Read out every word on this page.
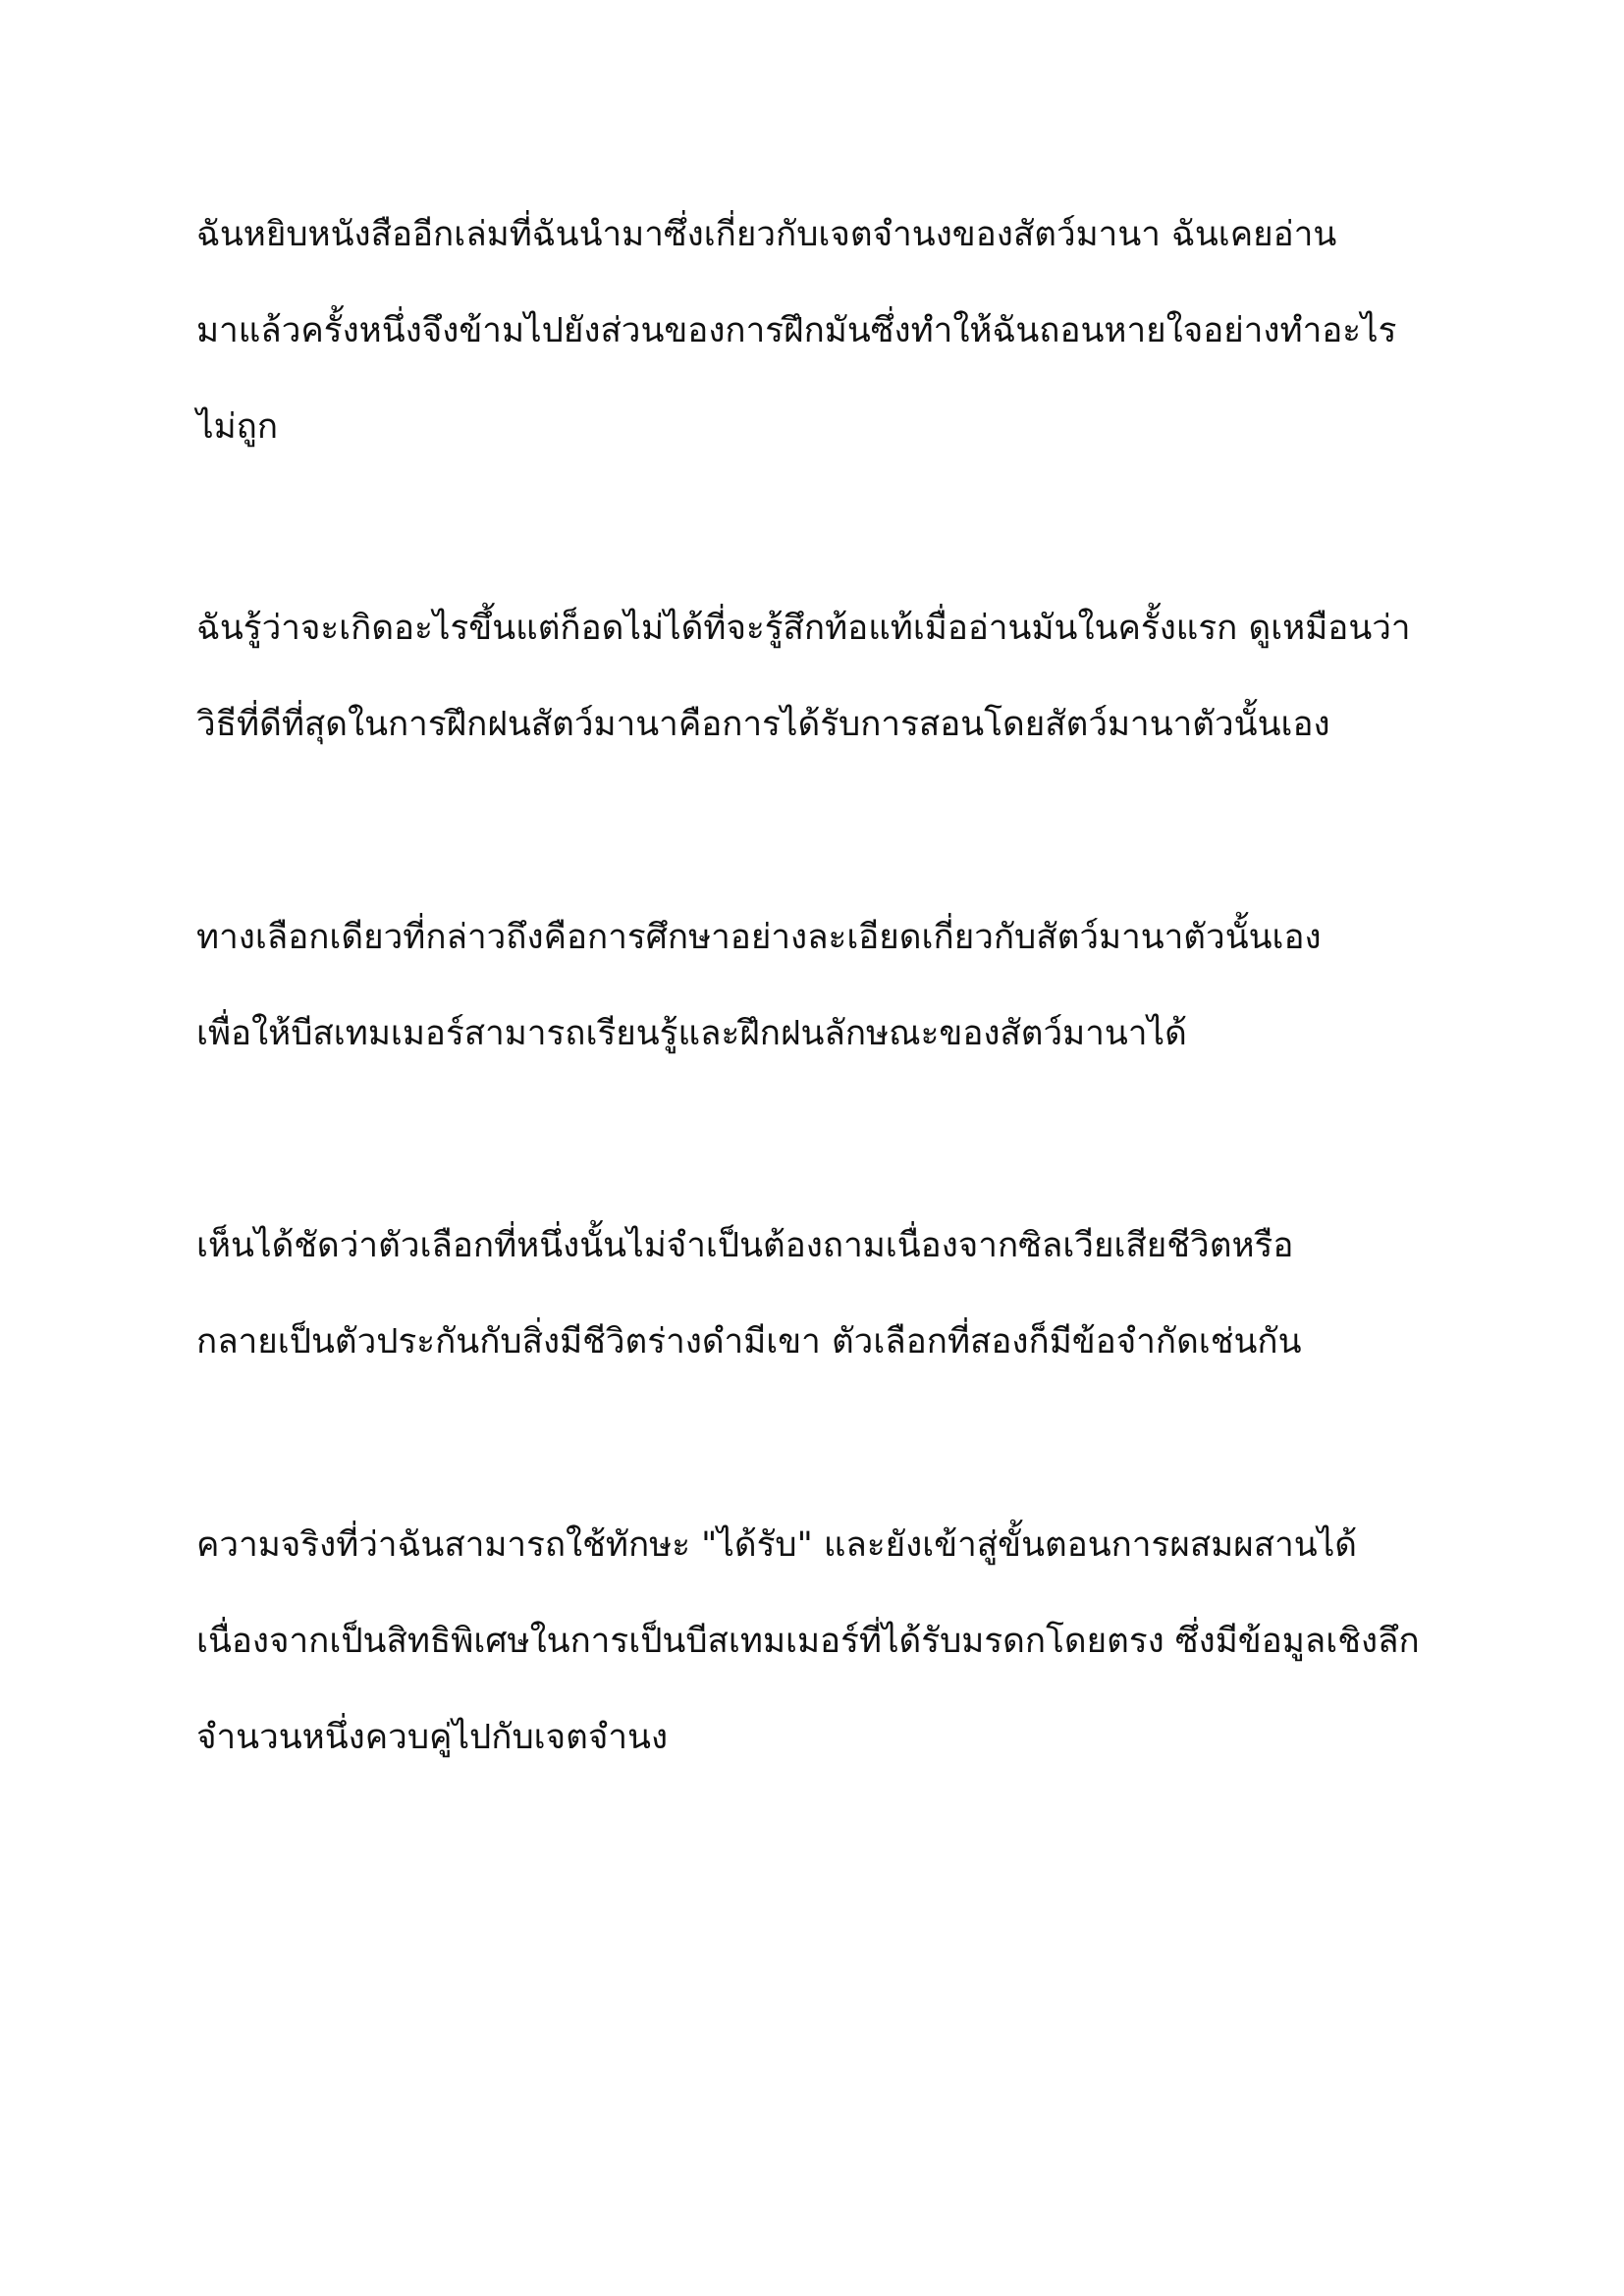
ฉันหยิบหนังสืออีกเล่มที่ฉันนำมาซึ่งเกี่ยวกับเจตจำนงของสัตว์มานา ฉันเคยอ่าน
มาแล้วครั้งหนึ่งจึงข้ามไปยังส่วนของการฝึกมันซึ่งทำให้ฉันถอนหายใจอย่างทำอะไร
ไม่ถูก

ฉันรู้ว่าจะเกิดอะไรขึ้นแต่ก็อดไม่ได้ที่จะรู้สึกท้อแท้เมื่ออ่านมันในครั้งแรก ดูเหมือนว่า
วิธีที่ดีที่สุดในการฝึกฝนสัตว์มานาคือการได้รับการสอนโดยสัตว์มานาตัวนั้นเอง

ทางเลือกเดียวที่กล่าวถึงคือการศึกษาอย่างละเอียดเกี่ยวกับสัตว์มานาตัวนั้นเอง
เพื่อให้บีสเทมเมอร์สามารถเรียนรู้และฝึกฝนลักษณะของสัตว์มานาได้

เห็นได้ชัดว่าตัวเลือกที่หนึ่งนั้นไม่จำเป็นต้องถามเนื่องจากซิลเวียเสียชีวิตหรือ
กลายเป็นตัวประกันกับสิ่งมีชีวิตร่างดำมีเขา ตัวเลือกที่สองก็มีข้อจำกัดเช่นกัน

ความจริงที่ว่าฉันสามารถใช้ทักษะ "ได้รับ" และยังเข้าสู่ขั้นตอนการผสมผสานได้
เนื่องจากเป็นสิทธิพิเศษในการเป็นบีสเทมเมอร์ที่ได้รับมรดกโดยตรง ซึ่งมีข้อมูลเชิงลึก
จำนวนหนึ่งควบคู่ไปกับเจตจำนง
